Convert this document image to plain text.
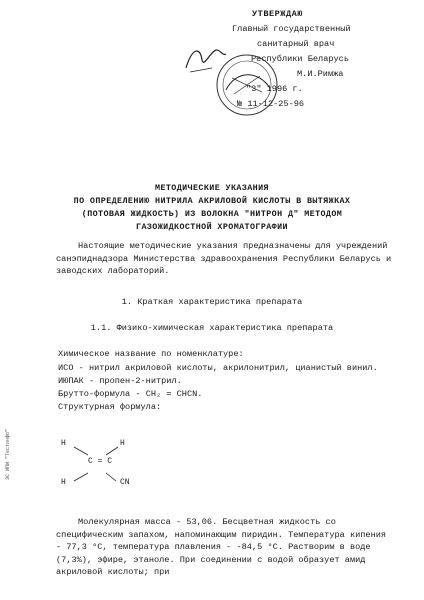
УТВЕРЖДАЮ
Главный государственный
санитарный врач
Республики Беларусь
М.И.Римжа
"3" 1996 г.
№ 11-12-25-96
МЕТОДИЧЕСКИЕ УКАЗАНИЯ
ПО ОПРЕДЕЛЕНИЮ НИТРИЛА АКРИЛОВОЙ КИСЛОТЫ В ВЫТЯЖКАХ
(ПОТОВАЯ ЖИДКОСТЬ) ИЗ ВОЛОКНА "НИТРОН Д" МЕТОДОМ
ГАЗОЖИДКОСТНОЙ ХРОМАТОГРАФИИ
Настоящие методические указания предназначены для учреждений санэпиднадзора Министерства здравоохранения Республики Беларусь и заводских лабораторий.
1. Краткая характеристика препарата
1.1. Физико-химическая характеристика препарата
Химическое название по номенклатуре:
ИСО - нитрил акриловой кислоты, акрилонитрил, цианистый винил.
ИЮПАК - пропен-2-нитрил.
Брутто-формула - CH₂ = CHCN.
Структурная формула:
H	H
C = C
H	CN
Молекулярная масса - 53,06. Бесцветная жидкость со специфическим запахом, напоминающим пиридин. Температура кипения - 77,3 °C, температура плавления - -84,5 °C. Растворим в воде (7,3%), эфире, этаноле. При соединении с водой образует амид акриловой кислоты; при
ЭС ИПИ "Тестинфо"
